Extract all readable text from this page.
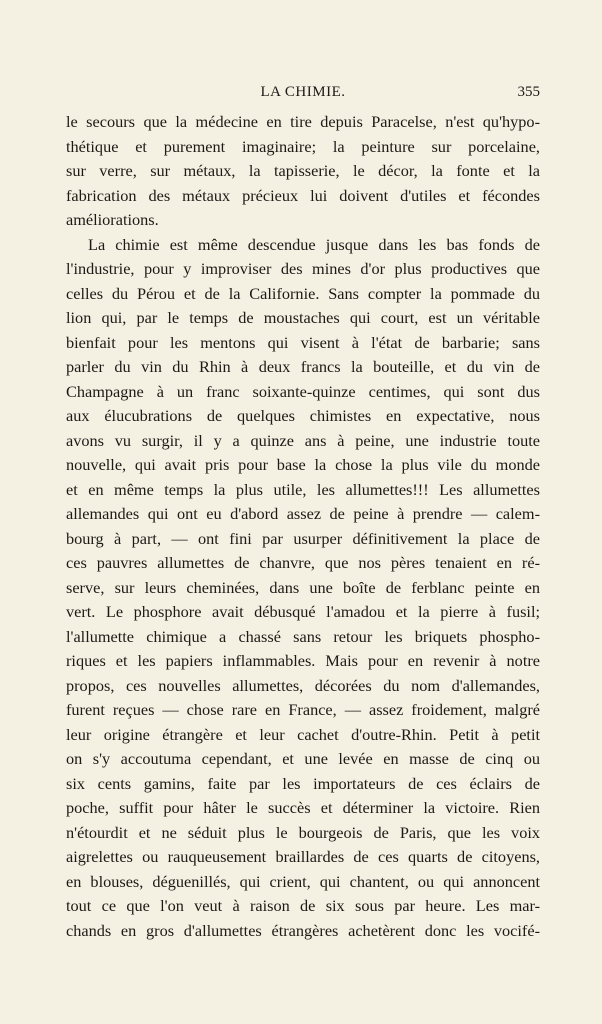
LA CHIMIE.	355
le secours que la médecine en tire depuis Paracelse, n'est qu'hypo-
thétique et purement imaginaire; la peinture sur porcelaine,
sur verre, sur métaux, la tapisserie, le décor, la fonte et la
fabrication des métaux précieux lui doivent d'utiles et fécondes
améliorations.
La chimie est même descendue jusque dans les bas fonds de
l'industrie, pour y improviser des mines d'or plus productives que
celles du Pérou et de la Californie. Sans compter la pommade du
lion qui, par le temps de moustaches qui court, est un véritable
bienfait pour les mentons qui visent à l'état de barbarie; sans
parler du vin du Rhin à deux francs la bouteille, et du vin de
Champagne à un franc soixante-quinze centimes, qui sont dus
aux élucubrations de quelques chimistes en expectative, nous
avons vu surgir, il y a quinze ans à peine, une industrie toute
nouvelle, qui avait pris pour base la chose la plus vile du monde
et en même temps la plus utile, les allumettes!!! Les allumettes
allemandes qui ont eu d'abord assez de peine à prendre — calem-
bourg à part, — ont fini par usurper définitivement la place de
ces pauvres allumettes de chanvre, que nos pères tenaient en ré-
serve, sur leurs cheminées, dans une boîte de ferblanc peinte en
vert. Le phosphore avait débusqué l'amadou et la pierre à fusil;
l'allumette chimique a chassé sans retour les briquets phospho-
riques et les papiers inflammables. Mais pour en revenir à notre
propos, ces nouvelles allumettes, décorées du nom d'allemandes,
furent reçues — chose rare en France, — assez froidement, malgré
leur origine étrangère et leur cachet d'outre-Rhin. Petit à petit
on s'y accoutuma cependant, et une levée en masse de cinq ou
six cents gamins, faite par les importateurs de ces éclairs de
poche, suffit pour hâter le succès et déterminer la victoire. Rien
n'étourdit et ne séduit plus le bourgeois de Paris, que les voix
aigrelettes ou rauqueusement braillardes de ces quarts de citoyens,
en blouses, déguenillés, qui crient, qui chantent, ou qui annoncent
tout ce que l'on veut à raison de six sous par heure. Les mar-
chands en gros d'allumettes étrangères achetèrent donc les vocifé-
